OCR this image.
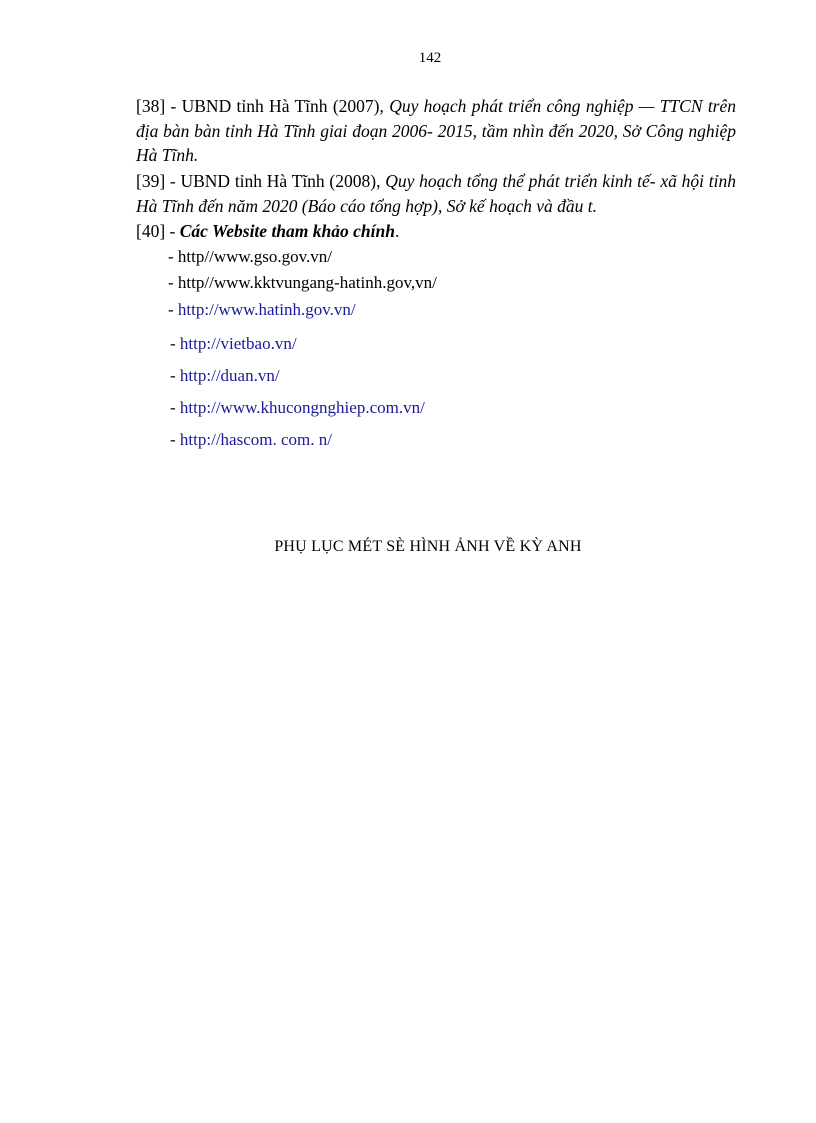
142
[38] - UBND tỉnh Hà Tĩnh (2007), Quy hoạch phát triển công nghiệp — TTCN trên địa bàn bàn tỉnh Hà Tĩnh giai đoạn 2006- 2015, tầm nhìn đến 2020, Sở Công nghiệp Hà Tĩnh.
[39] - UBND tỉnh Hà Tĩnh (2008), Quy hoạch tổng thể phát triển kinh tế- xã hội tỉnh Hà Tĩnh đến năm 2020 (Báo cáo tổng hợp), Sở kế hoạch và đầu t.
[40] - Các Website tham khảo chính.
- http//www.gso.gov.vn/
- http//www.kktvungang-hatinh.gov,vn/
- http://www.hatinh.gov.vn/
- http://vietbao.vn/
- http://duan.vn/
- http://www.khucongnghiep.com.vn/
- http://hascom. com. n/
PHỤ LỤC MÉT SÈ HÌNH ẢNH VỀ KỲ ANH
